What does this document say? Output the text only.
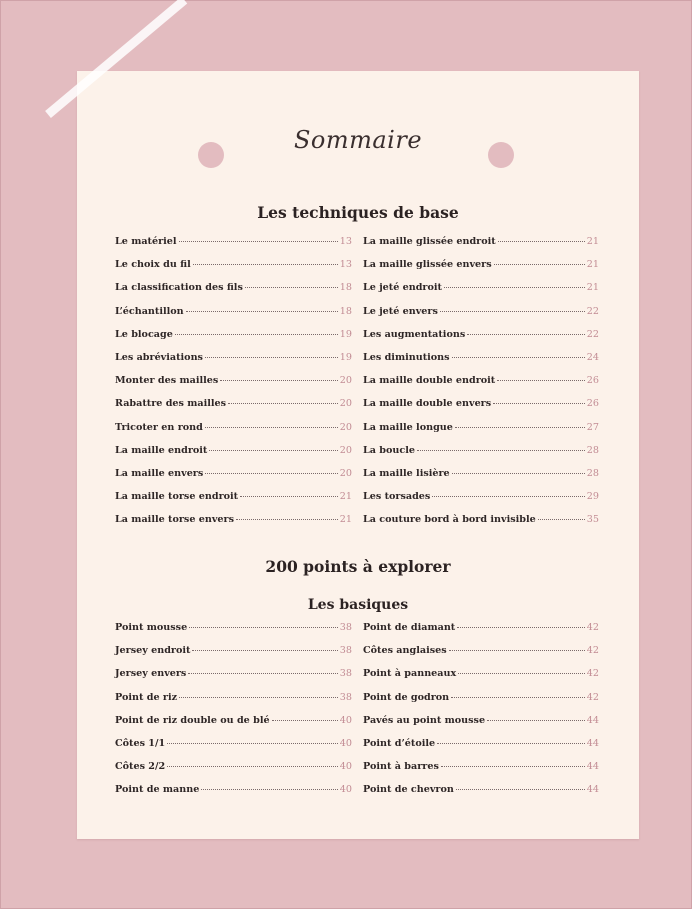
Sommaire
Les techniques de base
Le matériel	13
Le choix du fil	13
La classification des fils	18
L’échantillon	18
Le blocage	19
Les abréviations	19
Monter des mailles	20
Rabattre des mailles	20
Tricoter en rond	20
La maille endroit	20
La maille envers	20
La maille torse endroit	21
La maille torse envers	21
La maille glissée endroit	21
La maille glissée envers	21
Le jeté endroit	21
Le jeté envers	22
Les augmentations	22
Les diminutions	24
La maille double endroit	26
La maille double envers	26
La maille longue	27
La boucle	28
La maille lisière	28
Les torsades	29
La couture bord à bord invisible	35
200 points à explorer
Les basiques
Point mousse	38
Jersey endroit	38
Jersey envers	38
Point de riz	38
Point de riz double ou de blé	40
Côtes 1/1	40
Côtes 2/2	40
Point de manne	40
Point de diamant	42
Côtes anglaises	42
Point à panneaux	42
Point de godron	42
Pavés au point mousse	44
Point d’étoile	44
Point à barres	44
Point de chevron	44
